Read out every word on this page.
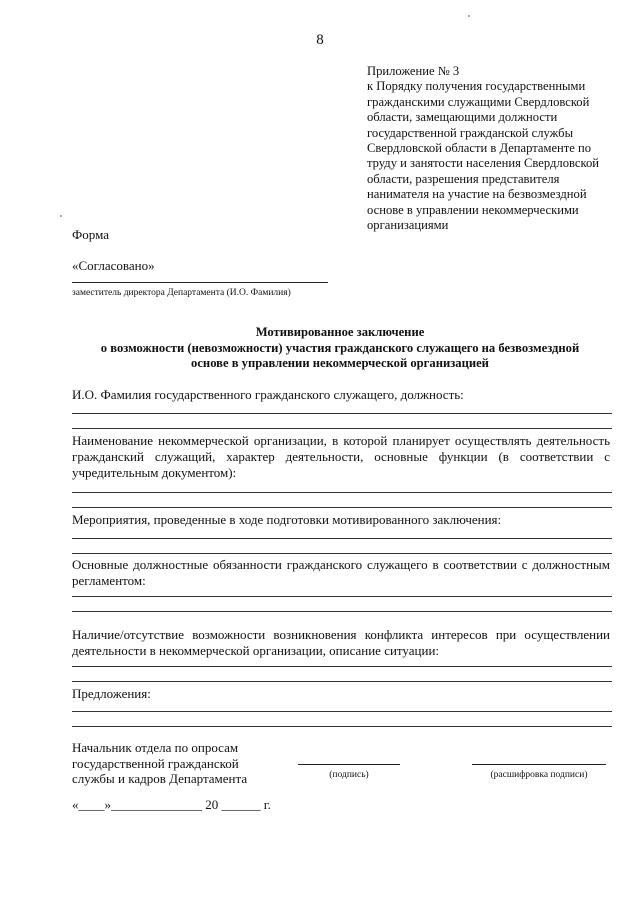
8
Приложение № 3
к Порядку получения государственными
гражданскими служащими Свердловской
области, замещающими должности
государственной гражданской службы
Свердловской области в Департаменте по
труду и занятости населения Свердловской
области, разрешения представителя
нанимателя на участие на безвозмездной
основе в управлении некоммерческими
организациями
Форма
«Согласовано»
заместитель директора Департамента (И.О. Фамилия)
Мотивированное заключение
о возможности (невозможности) участия гражданского служащего на безвозмездной
основе в управлении некоммерческой организацией
И.О. Фамилия государственного гражданского служащего, должность:
Наименование некоммерческой организации, в которой планирует осуществлять деятельность
гражданский служащий, характер деятельности, основные функции (в соответствии с
учредительным документом):
Мероприятия, проведенные в ходе подготовки мотивированного заключения:
Основные должностные обязанности гражданского служащего в соответствии с должностным
регламентом:
Наличие/отсутствие возможности возникновения конфликта интересов при осуществлении
деятельности в некоммерческой организации, описание ситуации:
Предложения:
Начальник отдела по опросам
государственной гражданской
службы и кадров Департамента	(подпись)	(расшифровка подписи)
«____»______________ 20 ______ г.
